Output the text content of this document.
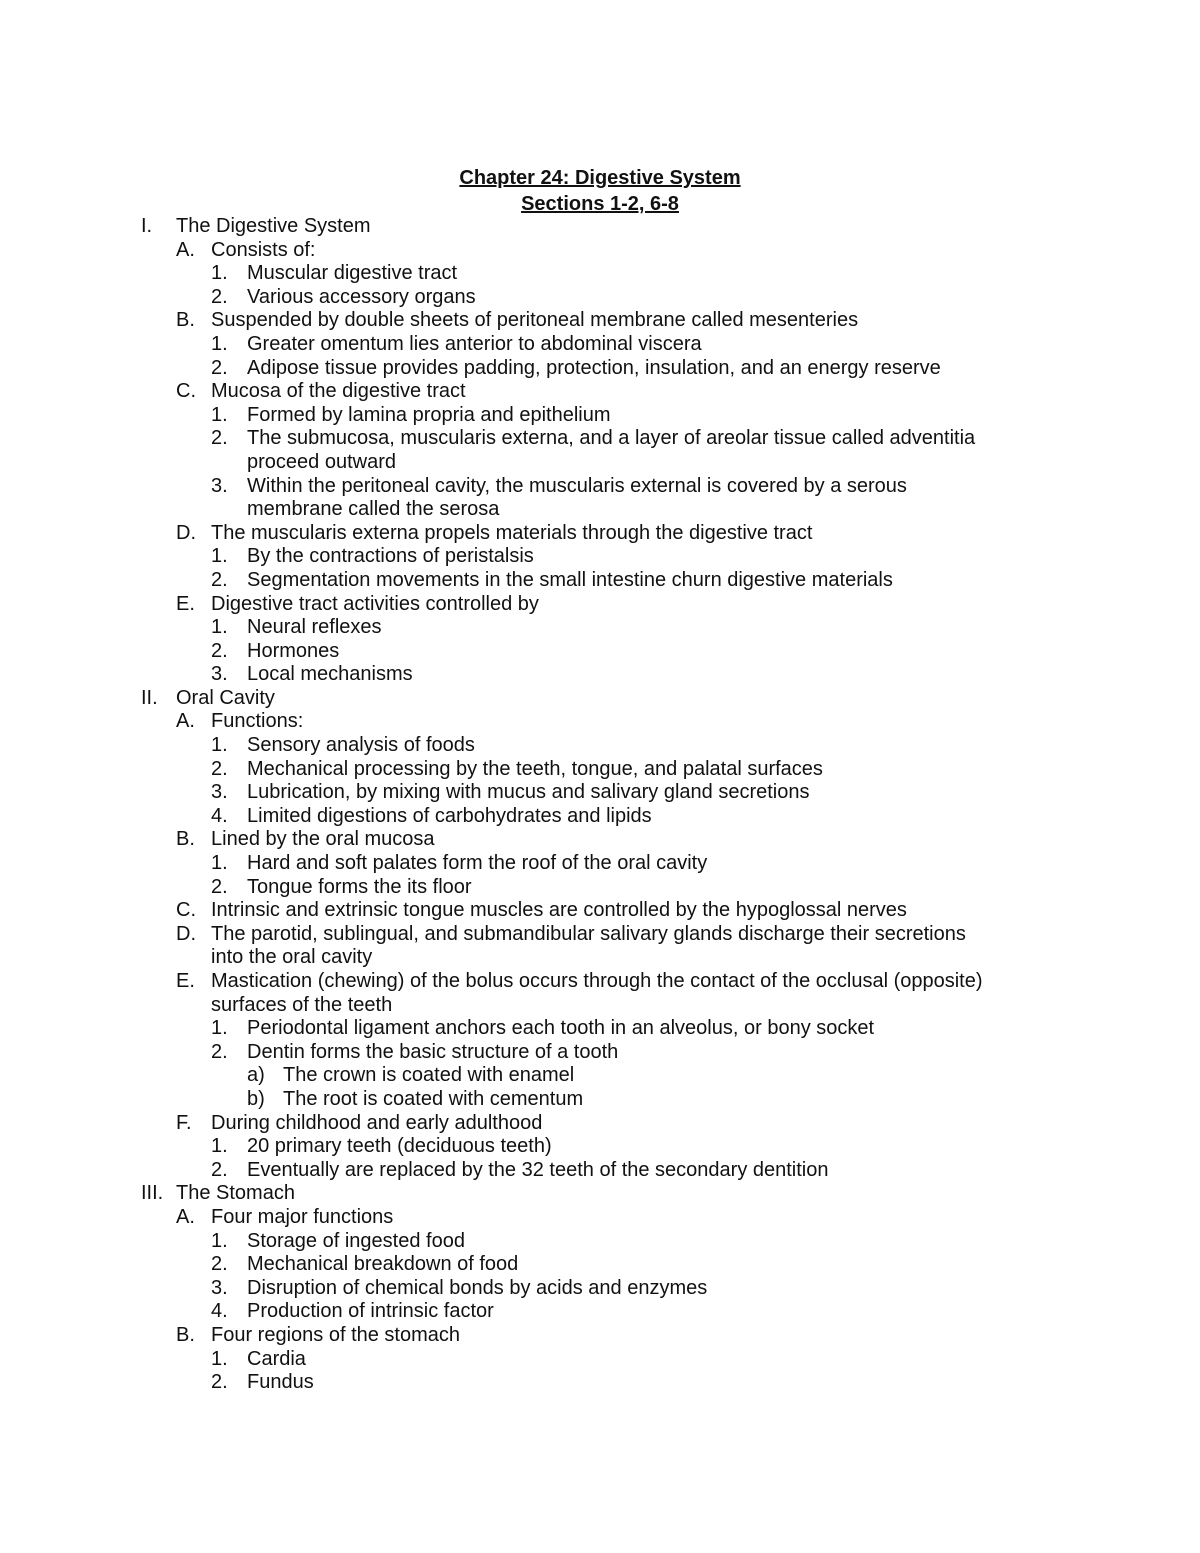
Chapter 24: Digestive System
Sections 1-2, 6-8
I. The Digestive System
A. Consists of:
1. Muscular digestive tract
2. Various accessory organs
B. Suspended by double sheets of peritoneal membrane called mesenteries
1. Greater omentum lies anterior to abdominal viscera
2. Adipose tissue provides padding, protection, insulation, and an energy reserve
C. Mucosa of the digestive tract
1. Formed by lamina propria and epithelium
2. The submucosa, muscularis externa, and a layer of areolar tissue called adventitia
proceed outward
3. Within the peritoneal cavity, the muscularis external is covered by a serous
membrane called the serosa
D. The muscularis externa propels materials through the digestive tract
1. By the contractions of peristalsis
2. Segmentation movements in the small intestine churn digestive materials
E. Digestive tract activities controlled by
1. Neural reflexes
2. Hormones
3. Local mechanisms
II. Oral Cavity
A. Functions:
1. Sensory analysis of foods
2. Mechanical processing by the teeth, tongue, and palatal surfaces
3. Lubrication, by mixing with mucus and salivary gland secretions
4. Limited digestions of carbohydrates and lipids
B. Lined by the oral mucosa
1. Hard and soft palates form the roof of the oral cavity
2. Tongue forms the its floor
C. Intrinsic and extrinsic tongue muscles are controlled by the hypoglossal nerves
D. The parotid, sublingual, and submandibular salivary glands discharge their secretions
into the oral cavity
E. Mastication (chewing) of the bolus occurs through the contact of the occlusal (opposite)
surfaces of the teeth
1. Periodontal ligament anchors each tooth in an alveolus, or bony socket
2. Dentin forms the basic structure of a tooth
a) The crown is coated with enamel
b) The root is coated with cementum
F. During childhood and early adulthood
1. 20 primary teeth (deciduous teeth)
2. Eventually are replaced by the 32 teeth of the secondary dentition
III. The Stomach
A. Four major functions
1. Storage of ingested food
2. Mechanical breakdown of food
3. Disruption of chemical bonds by acids and enzymes
4. Production of intrinsic factor
B. Four regions of the stomach
1. Cardia
2. Fundus
